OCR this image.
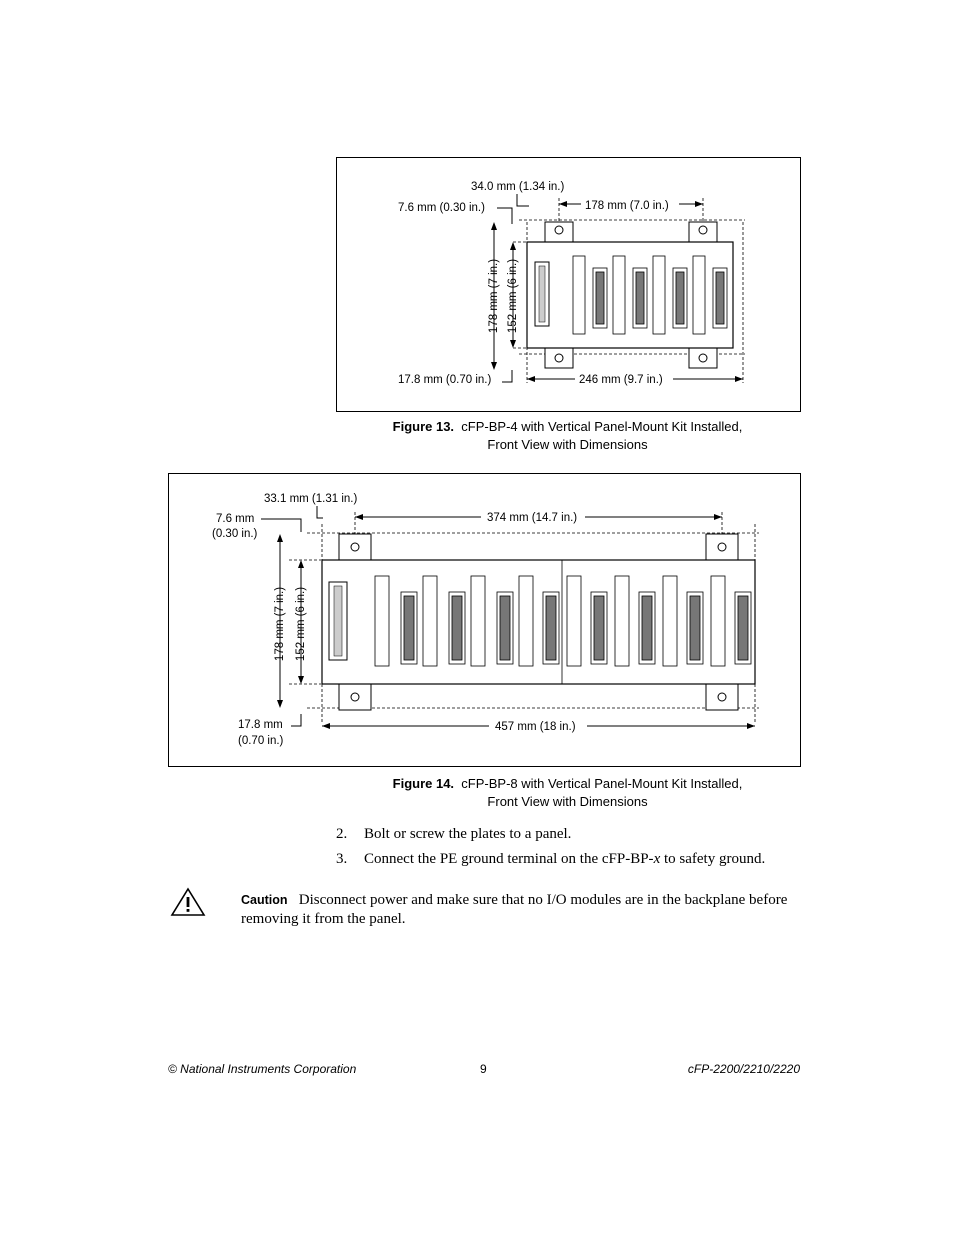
34.0 mm (1.34 in.)
7.6 mm (0.30 in.)	178 mm (7.0 in.)
17.8 mm (0.70 in.)	246 mm (9.7 in.)
178 mm (7 in.) 152 mm (6 in.)
Figure 13. cFP-BP-4 with Vertical Panel-Mount Kit Installed,
Front View with Dimensions
33.1 mm (1.31 in.)
7.6 mm
(0.30 in.)
374 mm (14.7 in.)
17.8 mm
(0.70 in.)
457 mm (18 in.)
178 mm (7 in.) 152 mm (6 in.)
Figure 14. cFP-BP-8 with Vertical Panel-Mount Kit Installed,
Front View with Dimensions
2. Bolt or screw the plates to a panel.
3. Connect the PE ground terminal on the cFP-BP-x to safety ground.
Caution Disconnect power and make sure that no I/O modules are in the backplane before removing it from the panel.
© National Instruments Corporation	9	cFP-2200/2210/2220
